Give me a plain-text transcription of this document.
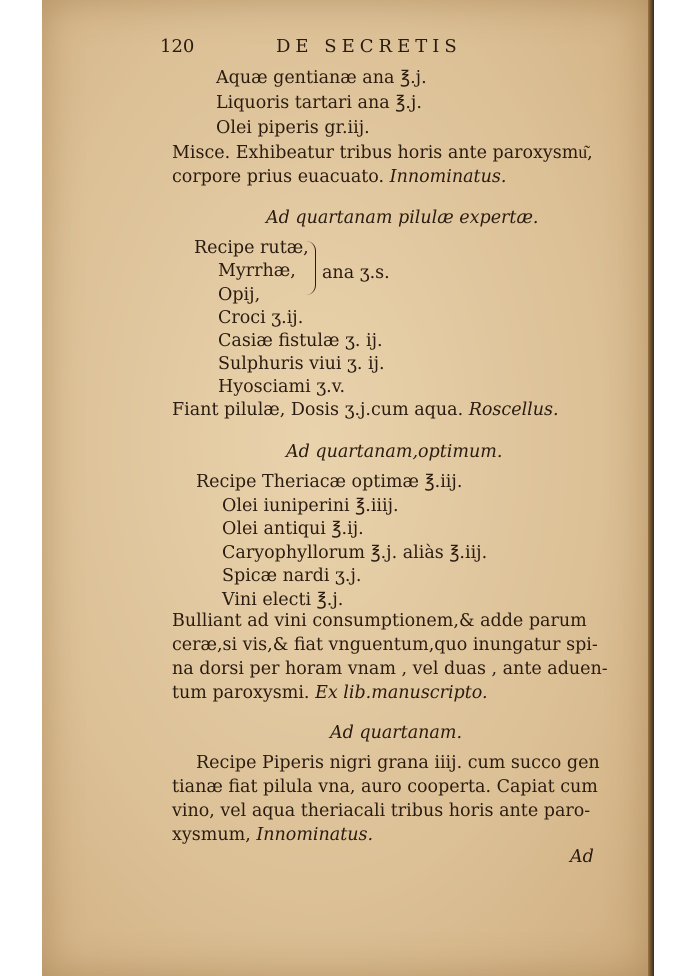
120	DE SECRETIS
Aquæ gentianæ ana ℥.j.
Liquoris tartari ana ℥.j.
Olei piperis gr.iij.
Misce. Exhibeatur tribus horis ante paroxysmu͂,
corpore prius euacuato. Innominatus.
Ad quartanam pilulæ expertæ.
Recipe rutæ,
Myrrhæ, ana ʒ.s.
Opij,
Croci ʒ.ij.
Casiæ fistulæ ʒ. ij.
Sulphuris viui ʒ. ij.
Hyosciami ʒ.v.
Fiant pilulæ, Dosis ʒ.j.cum aqua. Roscellus.
Ad quartanam,optimum.
Recipe Theriacæ optimæ ℥.iij.
Olei iuniperini ℥.iiij.
Olei antiqui ℥.ij.
Caryophyllorum ℥.j. aliàs ℥.iij.
Spicæ nardi ʒ.j.
Vini electi ℥.j.
Bulliant ad vini consumptionem,& adde parum
ceræ,si vis,& fiat vnguentum,quo inungatur spi-
na dorsi per horam vnam , vel duas , ante aduen-
tum paroxysmi. Ex lib.manuscripto.
Ad quartanam.
Recipe Piperis nigri grana iiij. cum succo gen
tianæ fiat pilula vna, auro cooperta. Capiat cum
vino, vel aqua theriacali tribus horis ante paro-
xysmum, Innominatus.
Ad
